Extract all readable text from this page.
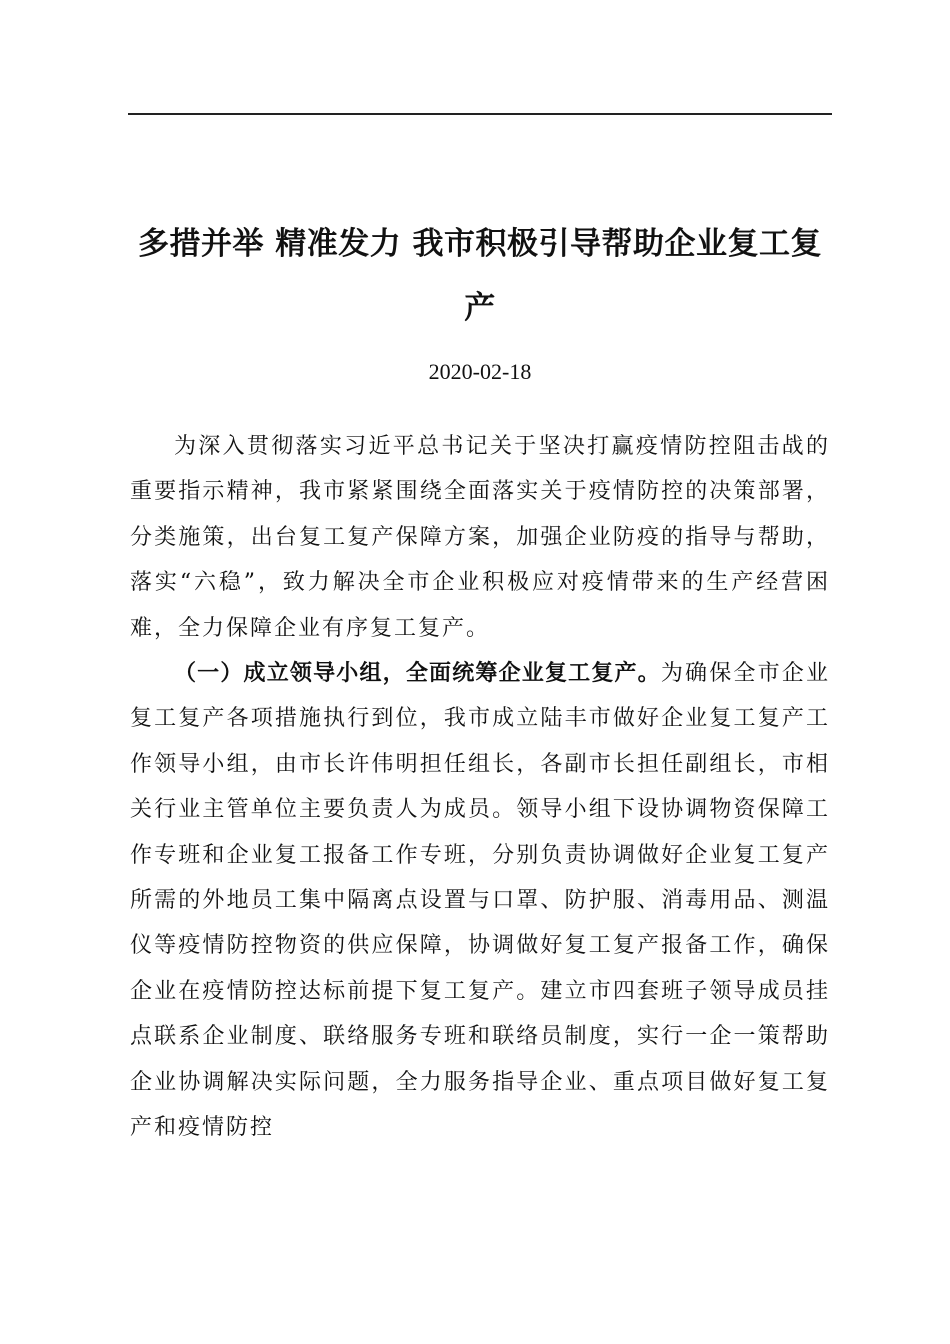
多措并举 精准发力 我市积极引导帮助企业复工复产
2020-02-18

为深入贯彻落实习近平总书记关于坚决打赢疫情防控阻击战的重要指示精神，我市紧紧围绕全面落实关于疫情防控的决策部署，分类施策，出台复工复产保障方案，加强企业防疫的指导与帮助，落实“六稳”，致力解决全市企业积极应对疫情带来的生产经营困难，全力保障企业有序复工复产。

（一）成立领导小组，全面统筹企业复工复产。为确保全市企业复工复产各项措施执行到位，我市成立陆丰市做好企业复工复产工作领导小组，由市长许伟明担任组长，各副市长担任副组长，市相关行业主管单位主要负责人为成员。领导小组下设协调物资保障工作专班和企业复工报备工作专班，分别负责协调做好企业复工复产所需的外地员工集中隔离点设置与口罩、防护服、消毒用品、测温仪等疫情防控物资的供应保障，协调做好复工复产报备工作，确保企业在疫情防控达标前提下复工复产。建立市四套班子领导成员挂点联系企业制度、联络服务专班和联络员制度，实行一企一策帮助企业协调解决实际问题，全力服务指导企业、重点项目做好复工复产和疫情防控
